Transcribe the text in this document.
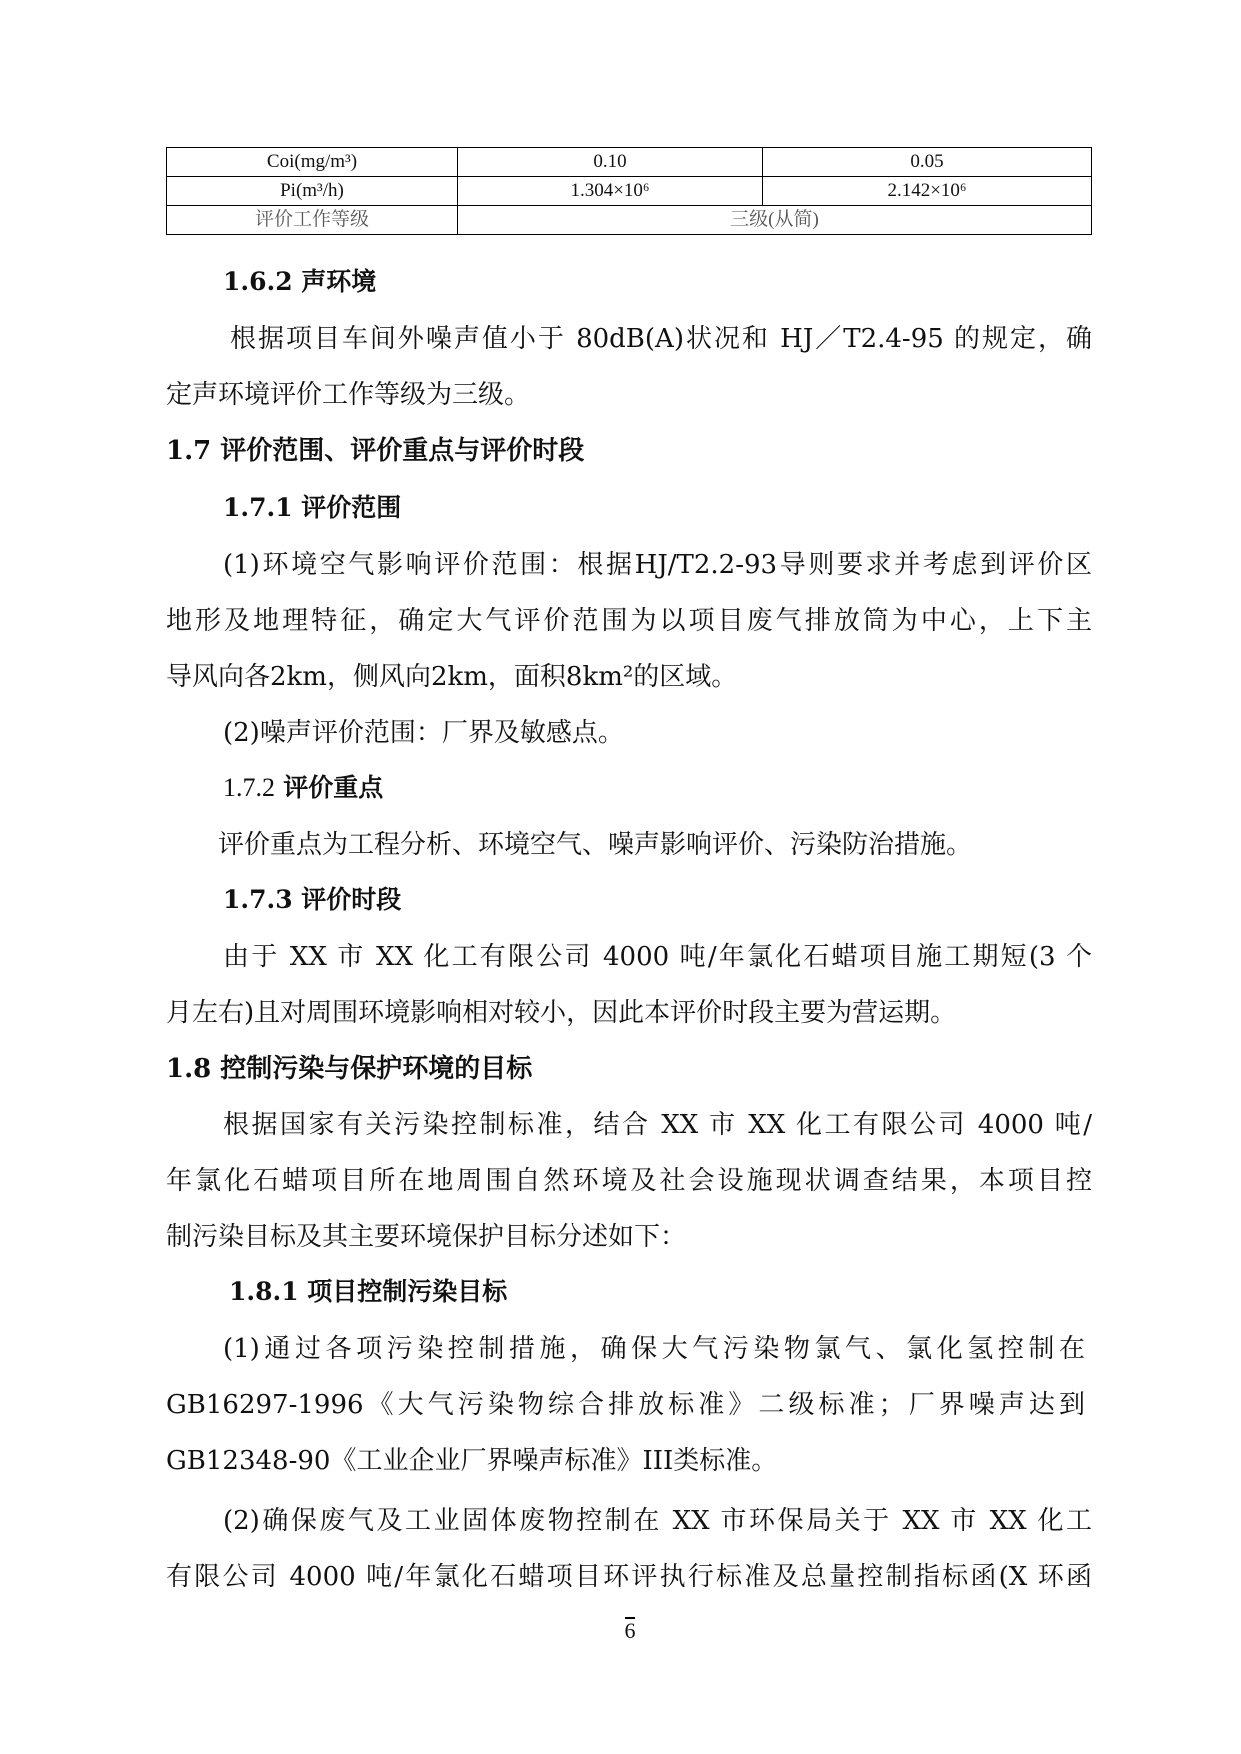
Coi(mg/m³)	0.10	0.05
Pi(m³/h)	1.304×10⁶	2.142×10⁶
评价工作等级	三级(从简)	
1.6.2 声环境
根据项目车间外噪声值小于 80dB(A)状况和 HJ／T2.4-95 的规定，确
定声环境评价工作等级为三级。
1.7 评价范围、评价重点与评价时段
1.7.1 评价范围
(1)环境空气影响评价范围：根据HJ/T2.2-93导则要求并考虑到评价区
地形及地理特征，确定大气评价范围为以项目废气排放筒为中心，上下主
导风向各2km，侧风向2km，面积8km²的区域。
(2)噪声评价范围：厂界及敏感点。
1.7.2 评价重点
评价重点为工程分析、环境空气、噪声影响评价、污染防治措施。
1.7.3 评价时段
由于 XX 市 XX 化工有限公司 4000 吨/年氯化石蜡项目施工期短(3 个
月左右)且对周围环境影响相对较小，因此本评价时段主要为营运期。
1.8 控制污染与保护环境的目标
根据国家有关污染控制标准，结合 XX 市 XX 化工有限公司 4000 吨/
年氯化石蜡项目所在地周围自然环境及社会设施现状调查结果，本项目控
制污染目标及其主要环境保护目标分述如下：
1.8.1 项目控制污染目标
(1)通过各项污染控制措施，确保大气污染物氯气、氯化氢控制在
GB16297-1996《大气污染物综合排放标准》二级标准；厂界噪声达到
GB12348-90《工业企业厂界噪声标准》III类标准。
(2)确保废气及工业固体废物控制在 XX 市环保局关于 XX 市 XX 化工
有限公司 4000 吨/年氯化石蜡项目环评执行标准及总量控制指标函(X 环函
6
